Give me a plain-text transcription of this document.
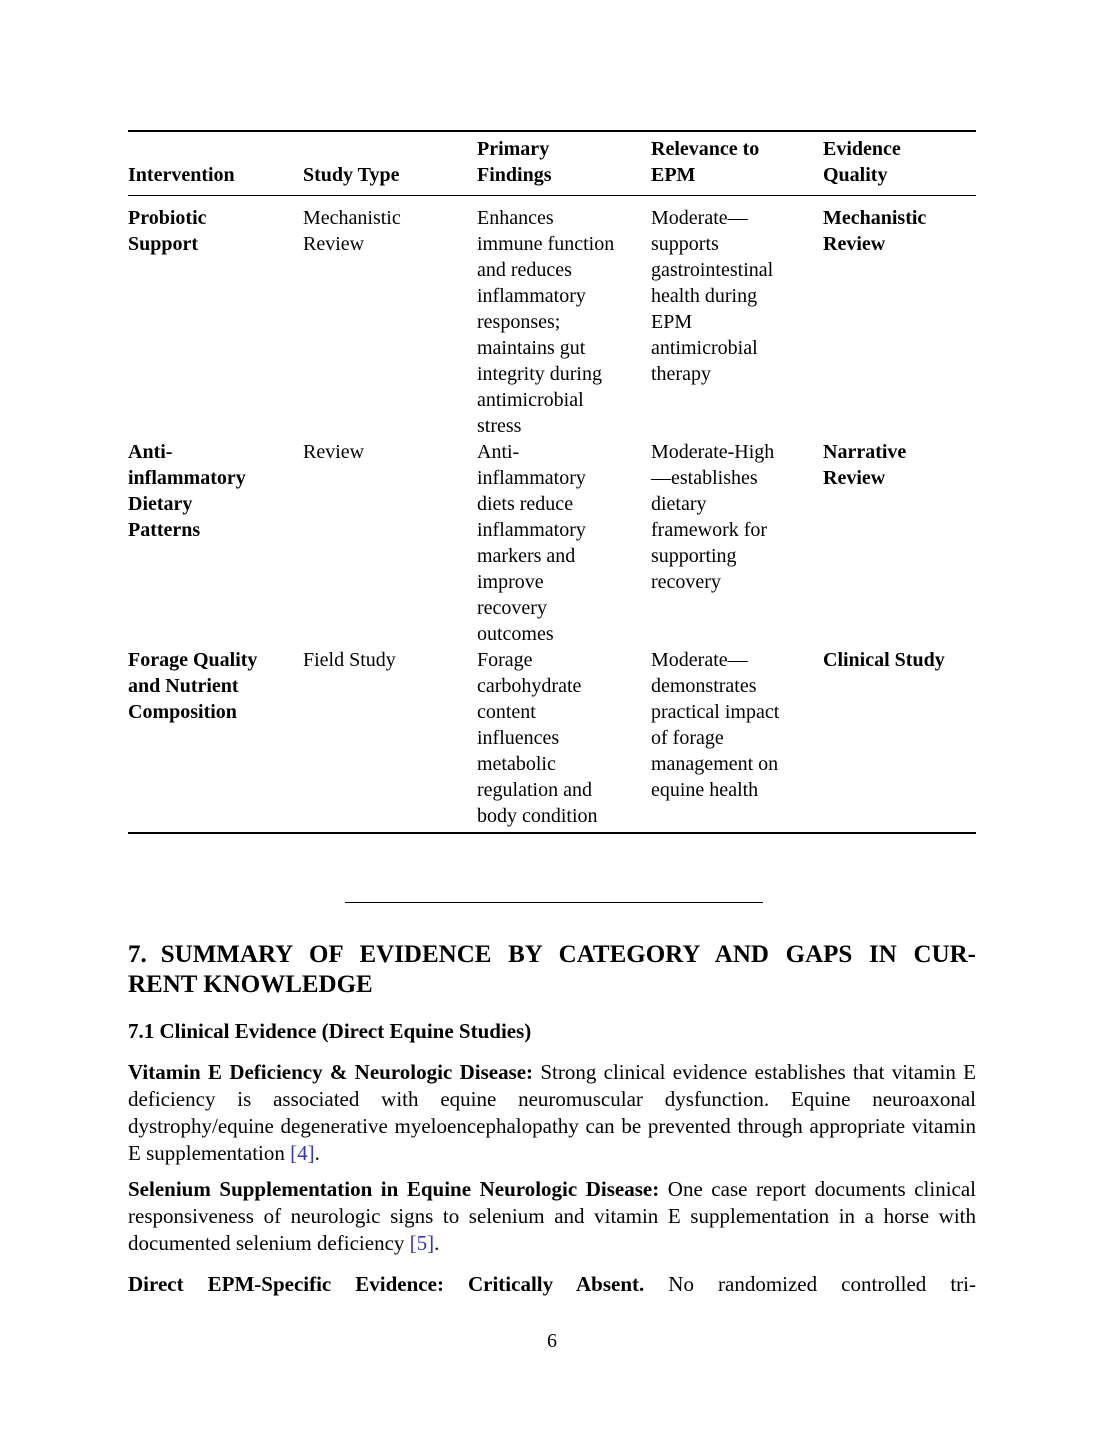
Intervention	Study Type	Primary Findings	Relevance to EPM	Evidence Quality
Probiotic Support	Mechanistic Review	Enhances immune function and reduces inflammatory responses; maintains gut integrity during antimicrobial stress	Moderate—supports gastrointestinal health during EPM antimicrobial therapy	Mechanistic Review
Anti-inflammatory Dietary Patterns	Review	Anti-inflammatory diets reduce inflammatory markers and improve recovery outcomes	Moderate-High—establishes dietary framework for supporting recovery	Narrative Review
Forage Quality and Nutrient Composition	Field Study	Forage carbohydrate content influences metabolic regulation and body condition	Moderate—demonstrates practical impact of forage management on equine health	Clinical Study
7. SUMMARY OF EVIDENCE BY CATEGORY AND GAPS IN CUR-
RENT KNOWLEDGE
7.1 Clinical Evidence (Direct Equine Studies)

Vitamin E Deficiency & Neurologic Disease: Strong clinical evidence establishes that vitamin E deficiency is associated with equine neuromuscular dysfunction. Equine neuroaxonal dystrophy/equine degenerative myeloencephalopathy can be prevented through appropriate vitamin E supplementation [4].

Selenium Supplementation in Equine Neurologic Disease: One case report documents clinical responsiveness of neurologic signs to selenium and vitamin E supplementation in a horse with documented selenium deficiency [5].

Direct EPM-Specific Evidence: Critically Absent. No randomized controlled tri-

6
